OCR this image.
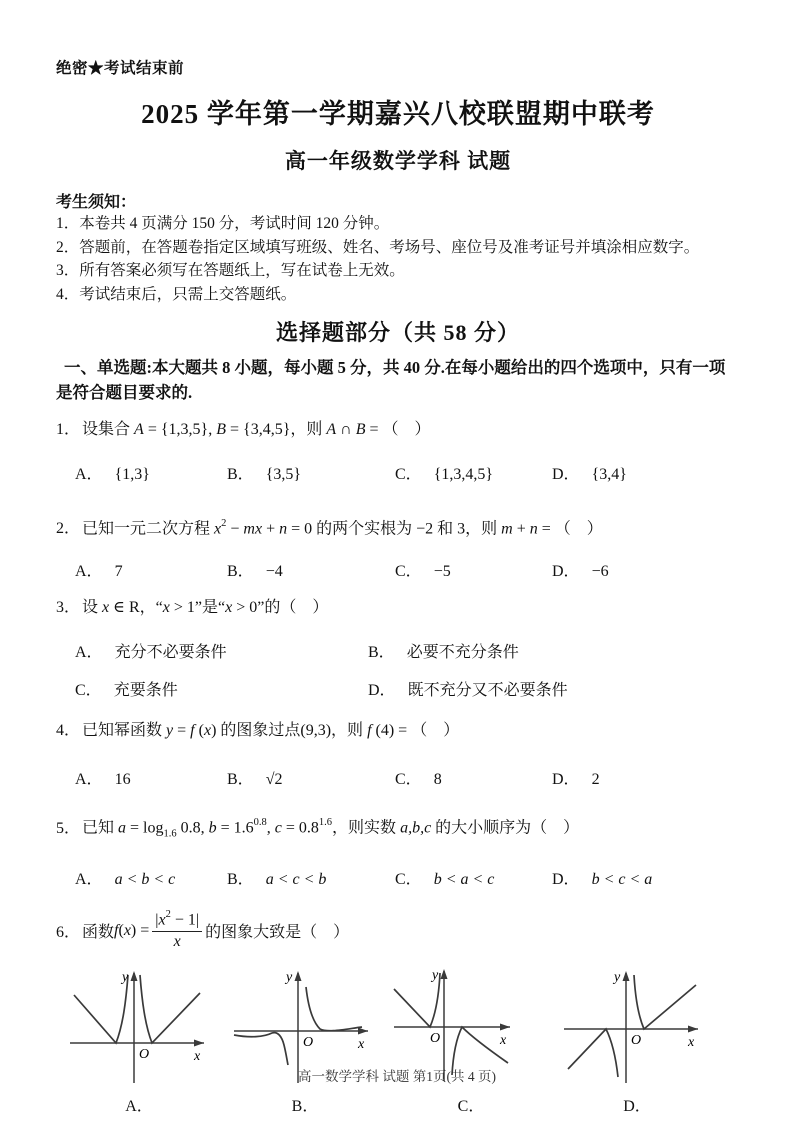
绝密★考试结束前
2025 学年第一学期嘉兴八校联盟期中联考
高一年级数学学科 试题
考生须知：
1．本卷共 4 页满分 150 分，考试时间 120 分钟。
2．答题前，在答题卷指定区域填写班级、姓名、考场号、座位号及准考证号并填涂相应数字。
3．所有答案必须写在答题纸上，写在试卷上无效。
4．考试结束后，只需上交答题纸。
选择题部分（共 58 分）
一、单选题:本大题共 8 小题，每小题 5 分，共 40 分.在每小题给出的四个选项中，只有一项是符合题目要求的.
1． 设集合 A = {1,3,5}, B = {3,4,5}，则 A ∩ B = （　）
A． {1,3}	B． {3,5}	C． {1,3,4,5}	D． {3,4}
2． 已知一元二次方程 $x^2$ − mx + n = 0 的两个实根为 −2 和 3，则 m + n = （　）
A． 7	B． −4	C． −5	D． −6
3． 设 x ∈ R，“x > 1”是“x > 0”的（　）
A． 充分不必要条件	B． 必要不充分条件
C． 充要条件	D． 既不充分又不必要条件
4． 已知幂函数 y = f (x) 的图象过点(9,3)，则 f (4) = （　）
A． 16	B． √2	C． 8	D． 2
5． 已知 $a = \log_{1.6} 0.8$, $b = 1.6^{0.8}$, $c = 0.8^{1.6}$，则实数 a,b,c 的大小顺序为（　）
A． a < b < c	B． a < c < b	C． b < a < c	D． b < c < a
6． 函数 f ( x ) = $\frac{|x^2 - 1|}{x}$ 的图象大致是（　）
y
x
O
A．
y
x
O
B．
y
x
O
C．
y
x
O
D．
高一数学学科 试题 第1页(共 4 页)
